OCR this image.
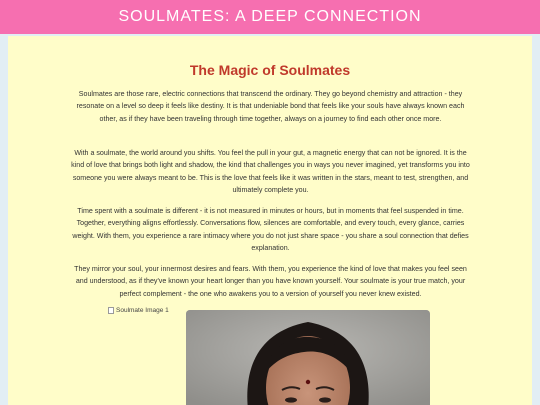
SOULMATES: A DEEP CONNECTION
The Magic of Soulmates

Soulmates are those rare, electric connections that transcend the ordinary. They go beyond chemistry and attraction - they resonate on a level so deep it feels like destiny. It is that undeniable bond that feels like your souls have always known each other, as if they have been traveling through time together, always on a journey to find each other once more.

With a soulmate, the world around you shifts. You feel the pull in your gut, a magnetic energy that can not be ignored. It is the kind of love that brings both light and shadow, the kind that challenges you in ways you never imagined, yet transforms you into someone you were always meant to be. This is the love that feels like it was written in the stars, meant to test, strengthen, and ultimately complete you.

Time spent with a soulmate is different - it is not measured in minutes or hours, but in moments that feel suspended in time. Together, everything aligns effortlessly. Conversations flow, silences are comfortable, and every touch, every glance, carries weight. With them, you experience a rare intimacy where you do not just share space - you share a soul connection that defies explanation.

They mirror your soul, your innermost desires and fears. With them, you experience the kind of love that makes you feel seen and understood, as if they've known your heart longer than you have known yourself. Your soulmate is your true match, your perfect complement - the one who awakens you to a version of yourself you never knew existed.

Soulmate Image 1
